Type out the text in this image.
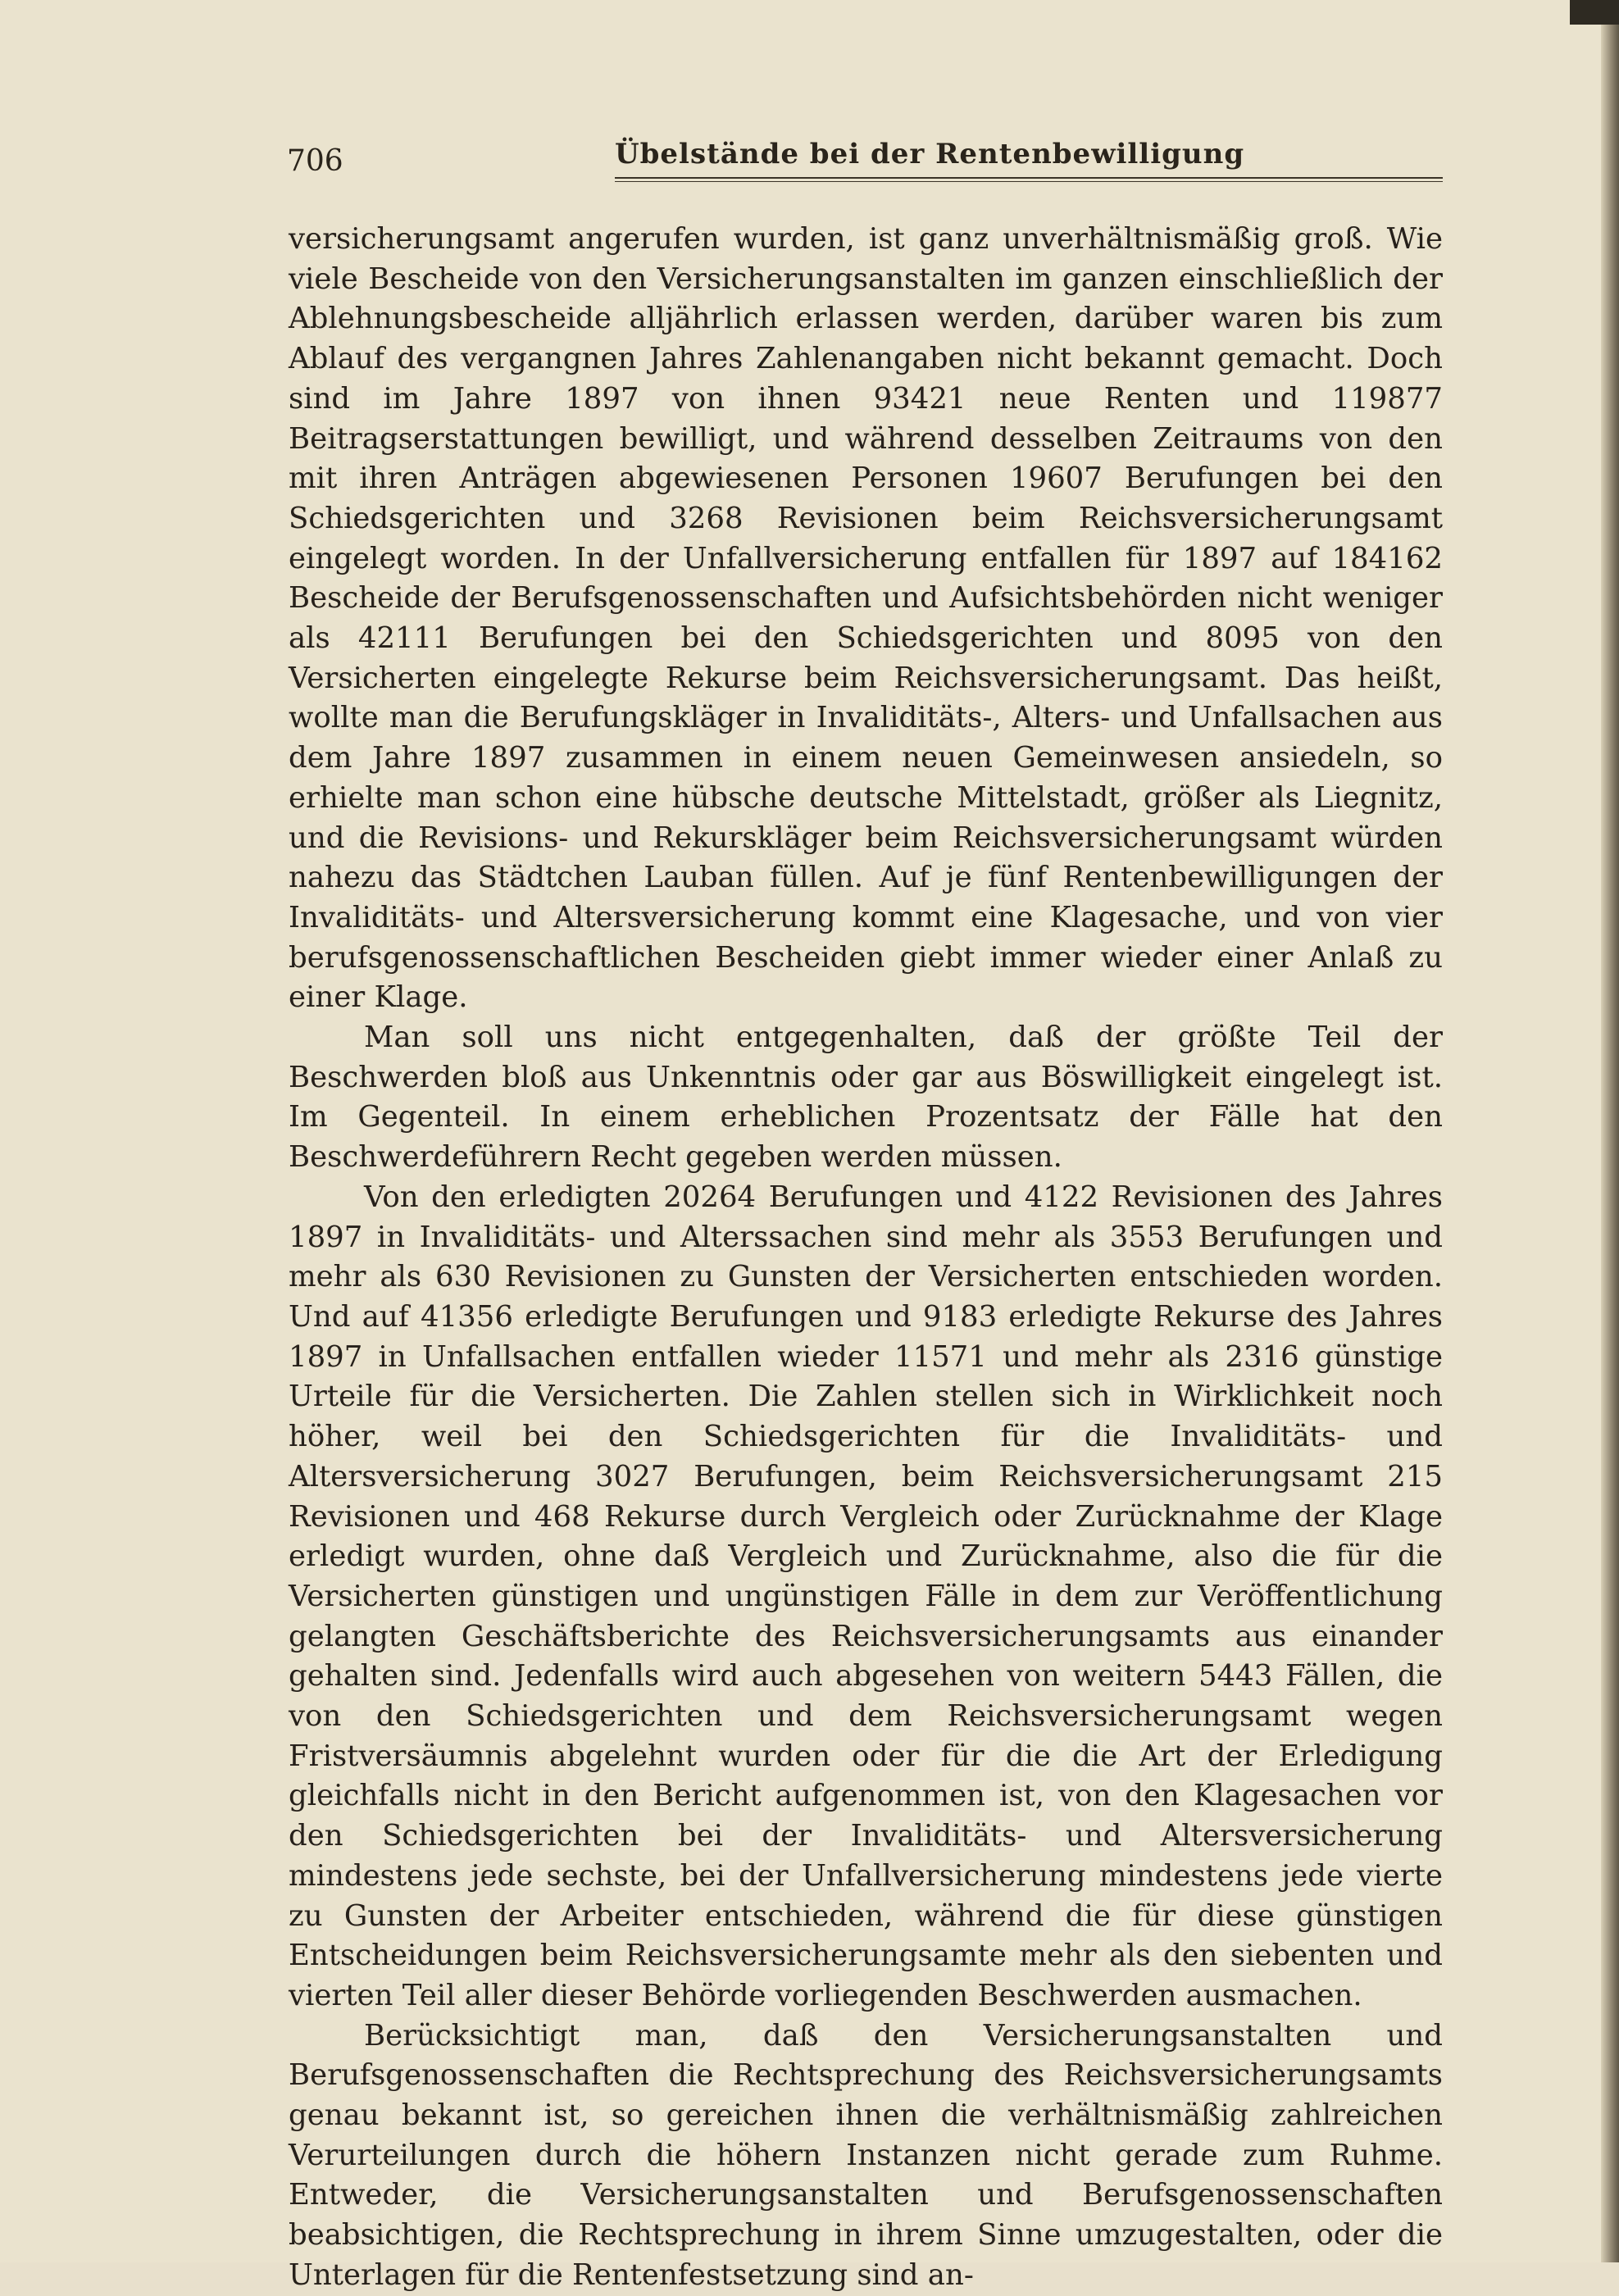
706	Übelstände bei der Rentenbewilligung

versicherungsamt angerufen wurden, ist ganz unverhältnismäßig groß. Wie viele Bescheide von den Versicherungsanstalten im ganzen einschließlich der Ablehnungsbescheide alljährlich erlassen werden, darüber waren bis zum Ablauf des vergangnen Jahres Zahlenangaben nicht bekannt gemacht. Doch sind im Jahre 1897 von ihnen 93421 neue Renten und 119877 Beitragserstattungen bewilligt, und während desselben Zeitraums von den mit ihren Anträgen abgewiesenen Personen 19607 Berufungen bei den Schiedsgerichten und 3268 Revisionen beim Reichsversicherungsamt eingelegt worden. In der Unfallversicherung entfallen für 1897 auf 184162 Bescheide der Berufsgenossenschaften und Aufsichtsbehörden nicht weniger als 42111 Berufungen bei den Schiedsgerichten und 8095 von den Versicherten eingelegte Rekurse beim Reichsversicherungsamt. Das heißt, wollte man die Berufungskläger in Invaliditäts-, Alters- und Unfallsachen aus dem Jahre 1897 zusammen in einem neuen Gemeinwesen ansiedeln, so erhielte man schon eine hübsche deutsche Mittelstadt, größer als Liegnitz, und die Revisions- und Rekurskläger beim Reichsversicherungsamt würden nahezu das Städtchen Lauban füllen. Auf je fünf Rentenbewilligungen der Invaliditäts- und Altersversicherung kommt eine Klagesache, und von vier berufsgenossenschaftlichen Bescheiden giebt immer wieder einer Anlaß zu einer Klage.

Man soll uns nicht entgegenhalten, daß der größte Teil der Beschwerden bloß aus Unkenntnis oder gar aus Böswilligkeit eingelegt ist. Im Gegenteil. In einem erheblichen Prozentsatz der Fälle hat den Beschwerdeführern Recht gegeben werden müssen.

Von den erledigten 20264 Berufungen und 4122 Revisionen des Jahres 1897 in Invaliditäts- und Alterssachen sind mehr als 3553 Berufungen und mehr als 630 Revisionen zu Gunsten der Versicherten entschieden worden. Und auf 41356 erledigte Berufungen und 9183 erledigte Rekurse des Jahres 1897 in Unfallsachen entfallen wieder 11571 und mehr als 2316 günstige Urteile für die Versicherten. Die Zahlen stellen sich in Wirklichkeit noch höher, weil bei den Schiedsgerichten für die Invaliditäts- und Altersversicherung 3027 Berufungen, beim Reichsversicherungsamt 215 Revisionen und 468 Rekurse durch Vergleich oder Zurücknahme der Klage erledigt wurden, ohne daß Vergleich und Zurücknahme, also die für die Versicherten günstigen und ungünstigen Fälle in dem zur Veröffentlichung gelangten Geschäftsberichte des Reichsversicherungsamts aus einander gehalten sind. Jedenfalls wird auch abgesehen von weitern 5443 Fällen, die von den Schiedsgerichten und dem Reichsversicherungsamt wegen Fristversäumnis abgelehnt wurden oder für die die Art der Erledigung gleichfalls nicht in den Bericht aufgenommen ist, von den Klagesachen vor den Schiedsgerichten bei der Invaliditäts- und Altersversicherung mindestens jede sechste, bei der Unfallversicherung mindestens jede vierte zu Gunsten der Arbeiter entschieden, während die für diese günstigen Entscheidungen beim Reichsversicherungsamte mehr als den siebenten und vierten Teil aller dieser Behörde vorliegenden Beschwerden ausmachen.

Berücksichtigt man, daß den Versicherungsanstalten und Berufsgenossenschaften die Rechtsprechung des Reichsversicherungsamts genau bekannt ist, so gereichen ihnen die verhältnismäßig zahlreichen Verurteilungen durch die höhern Instanzen nicht gerade zum Ruhme. Entweder, die Versicherungsanstalten und Berufsgenossenschaften beabsichtigen, die Rechtsprechung in ihrem Sinne umzugestalten, oder die Unterlagen für die Rentenfestsetzung sind an-
